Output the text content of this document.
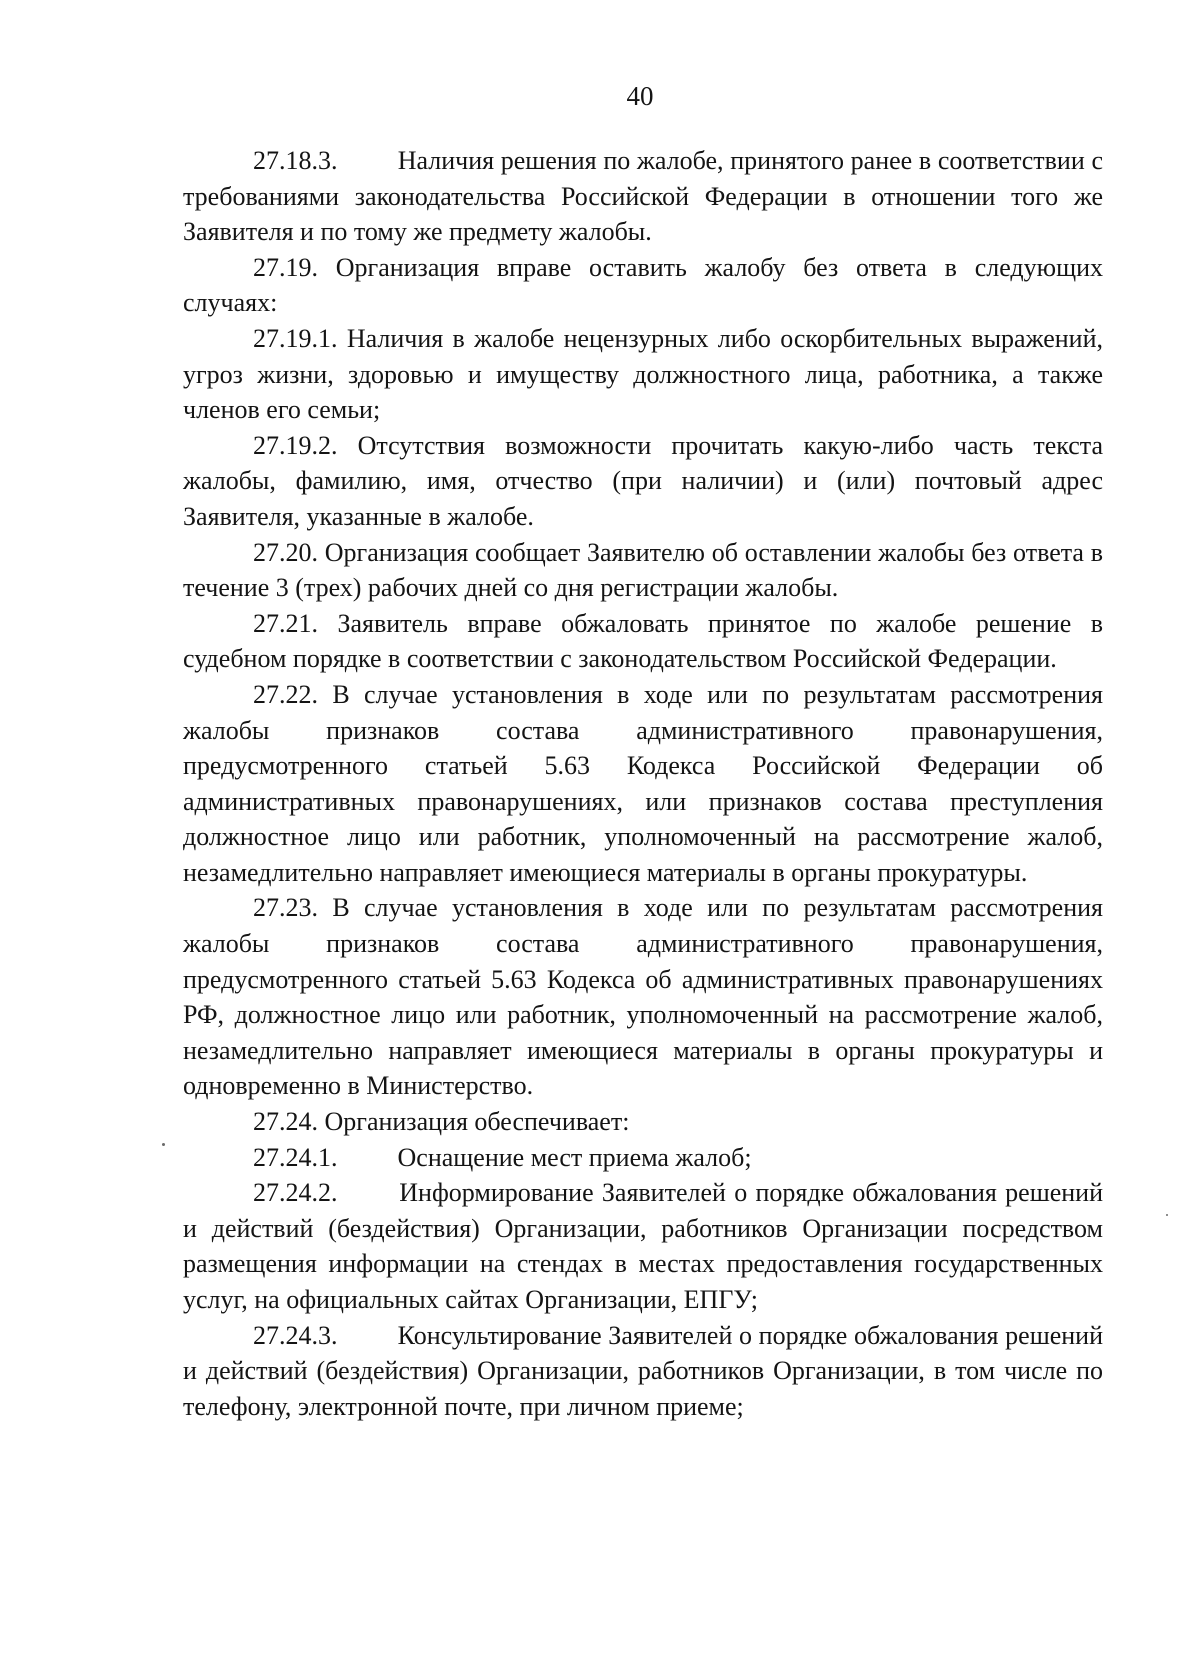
40

27.18.3. Наличия решения по жалобе, принятого ранее в соответствии с требованиями законодательства Российской Федерации в отношении того же Заявителя и по тому же предмету жалобы.

27.19. Организация вправе оставить жалобу без ответа в следующих случаях:

27.19.1. Наличия в жалобе нецензурных либо оскорбительных выражений, угроз жизни, здоровью и имуществу должностного лица, работника, а также членов его семьи;

27.19.2. Отсутствия возможности прочитать какую-либо часть текста жалобы, фамилию, имя, отчество (при наличии) и (или) почтовый адрес Заявителя, указанные в жалобе.

27.20. Организация сообщает Заявителю об оставлении жалобы без ответа в течение 3 (трех) рабочих дней со дня регистрации жалобы.

27.21. Заявитель вправе обжаловать принятое по жалобе решение в судебном порядке в соответствии с законодательством Российской Федерации.

27.22. В случае установления в ходе или по результатам рассмотрения жалобы признаков состава административного правонарушения, предусмотренного статьей 5.63 Кодекса Российской Федерации об административных правонарушениях, или признаков состава преступления должностное лицо или работник, уполномоченный на рассмотрение жалоб, незамедлительно направляет имеющиеся материалы в органы прокуратуры.

27.23. В случае установления в ходе или по результатам рассмотрения жалобы признаков состава административного правонарушения, предусмотренного статьей 5.63 Кодекса об административных правонарушениях РФ, должностное лицо или работник, уполномоченный на рассмотрение жалоб, незамедлительно направляет имеющиеся материалы в органы прокуратуры и одновременно в Министерство.

27.24. Организация обеспечивает:

27.24.1. Оснащение мест приема жалоб;

27.24.2. Информирование Заявителей о порядке обжалования решений и действий (бездействия) Организации, работников Организации посредством размещения информации на стендах в местах предоставления государственных услуг, на официальных сайтах Организации, ЕПГУ;

27.24.3. Консультирование Заявителей о порядке обжалования решений и действий (бездействия) Организации, работников Организации, в том числе по телефону, электронной почте, при личном приеме;
